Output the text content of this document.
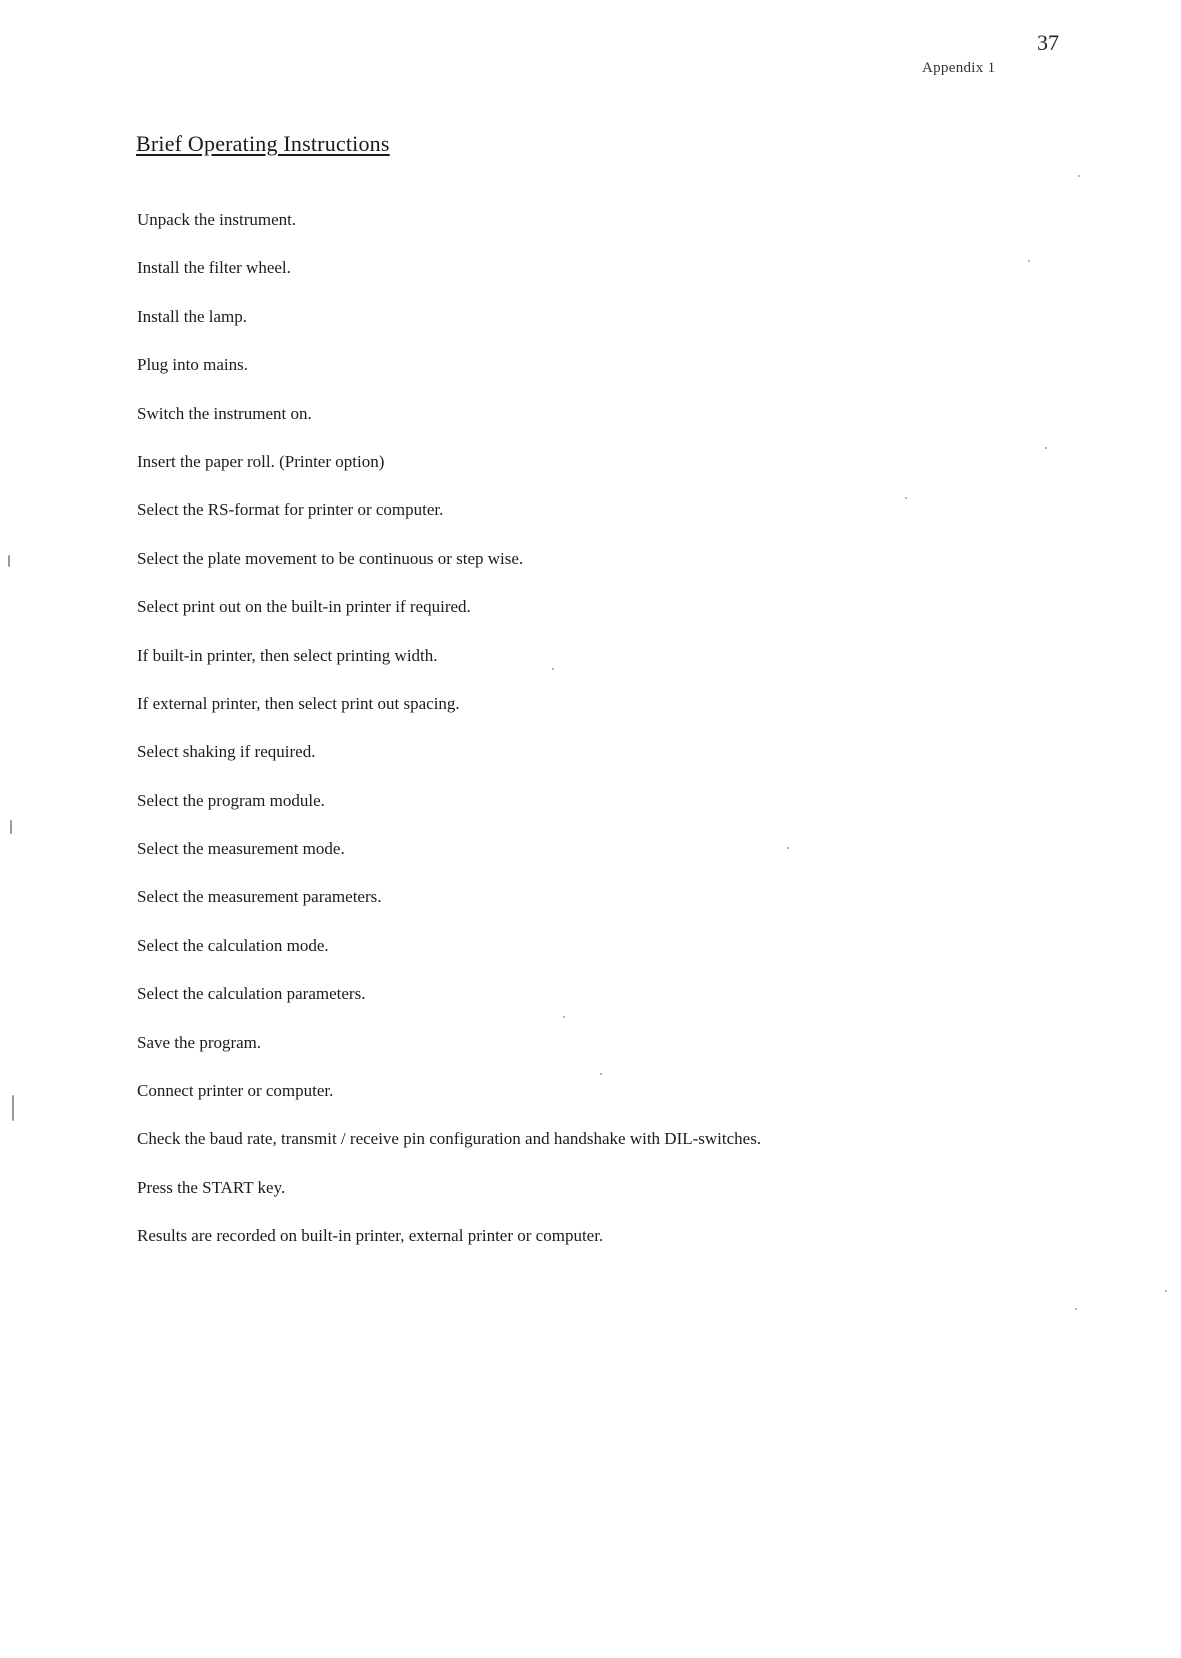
37
Appendix 1
Brief Operating Instructions
Unpack the instrument.
Install the filter wheel.
Install the lamp.
Plug into mains.
Switch the instrument on.
Insert the paper roll. (Printer option)
Select the RS-format for printer or computer.
Select the plate movement to be continuous or step wise.
Select print out on the built-in printer if required.
If built-in printer, then select printing width.
If external printer, then select print out spacing.
Select shaking if required.
Select the program module.
Select the measurement mode.
Select the measurement parameters.
Select the calculation mode.
Select the calculation parameters.
Save the program.
Connect printer or computer.
Check the baud rate, transmit / receive pin configuration and handshake with DIL-switches.
Press the START key.
Results are recorded on built-in printer, external printer or computer.
